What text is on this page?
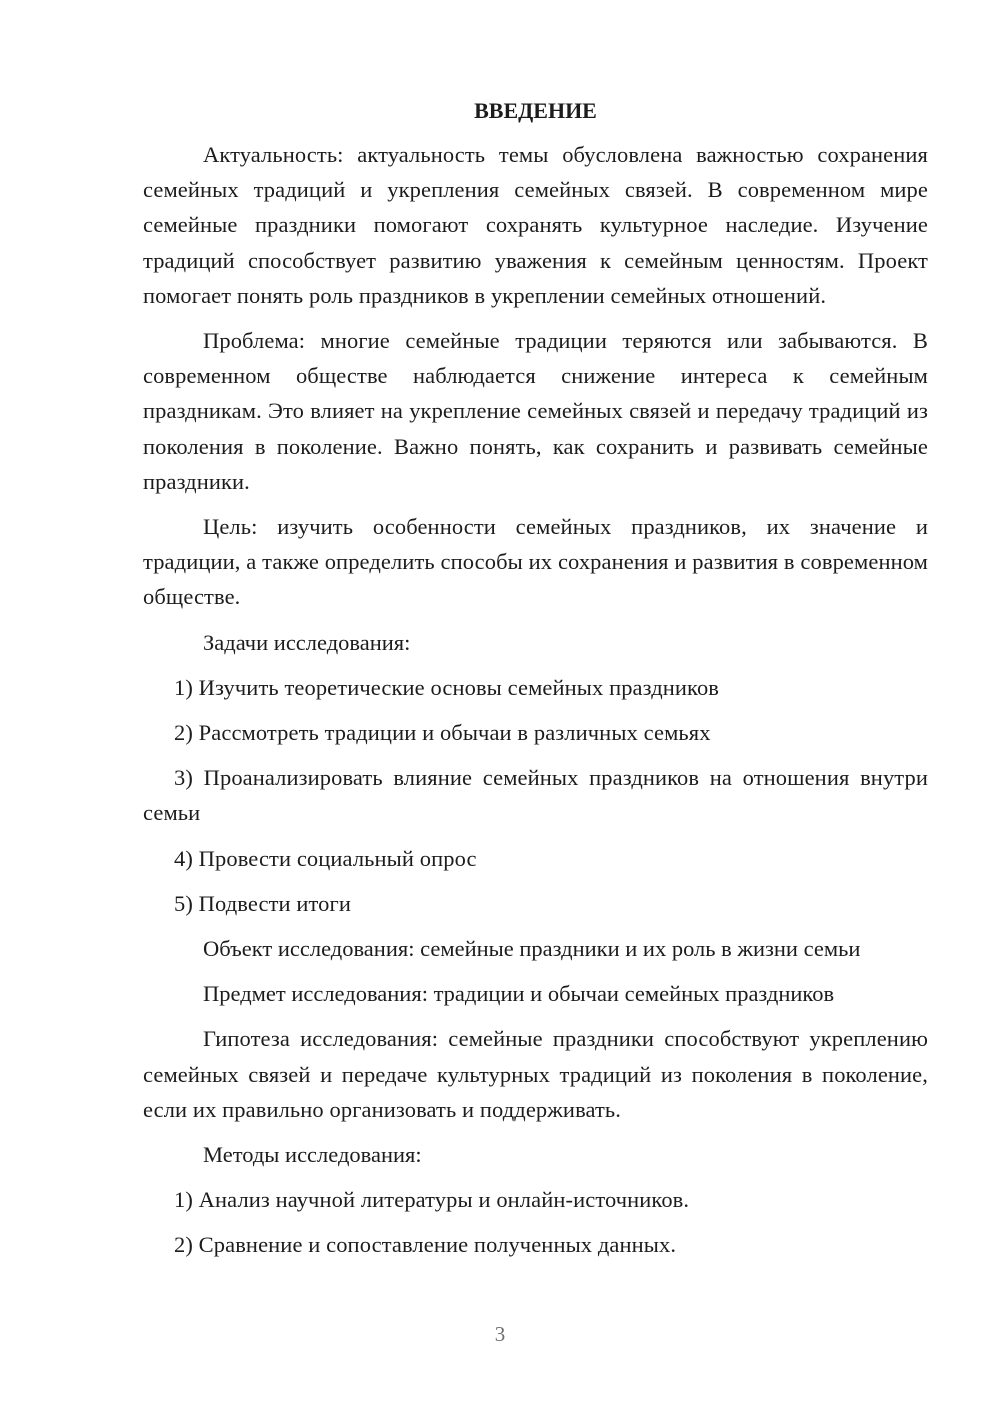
ВВЕДЕНИЕ

Актуальность: актуальность темы обусловлена важностью сохранения семейных традиций и укрепления семейных связей. В современном мире семейные праздники помогают сохранять культурное наследие. Изучение традиций способствует развитию уважения к семейным ценностям. Проект помогает понять роль праздников в укреплении семейных отношений.

Проблема: многие семейные традиции теряются или забываются. В современном обществе наблюдается снижение интереса к семейным праздникам. Это влияет на укрепление семейных связей и передачу традиций из поколения в поколение. Важно понять, как сохранить и развивать семейные праздники.

Цель: изучить особенности семейных праздников, их значение и традиции, а также определить способы их сохранения и развития в современном обществе.

Задачи исследования:

1) Изучить теоретические основы семейных праздников

2) Рассмотреть традиции и обычаи в различных семьях

3) Проанализировать влияние семейных праздников на отношения внутри семьи

4) Провести социальный опрос

5) Подвести итоги

Объект исследования: семейные праздники и их роль в жизни семьи

Предмет исследования: традиции и обычаи семейных праздников

Гипотеза исследования: семейные праздники способствуют укреплению семейных связей и передаче культурных традиций из поколения в поколение, если их правильно организовать и поддерживать.

Методы исследования:

1) Анализ научной литературы и онлайн-источников.

2) Сравнение и сопоставление полученных данных.

3
